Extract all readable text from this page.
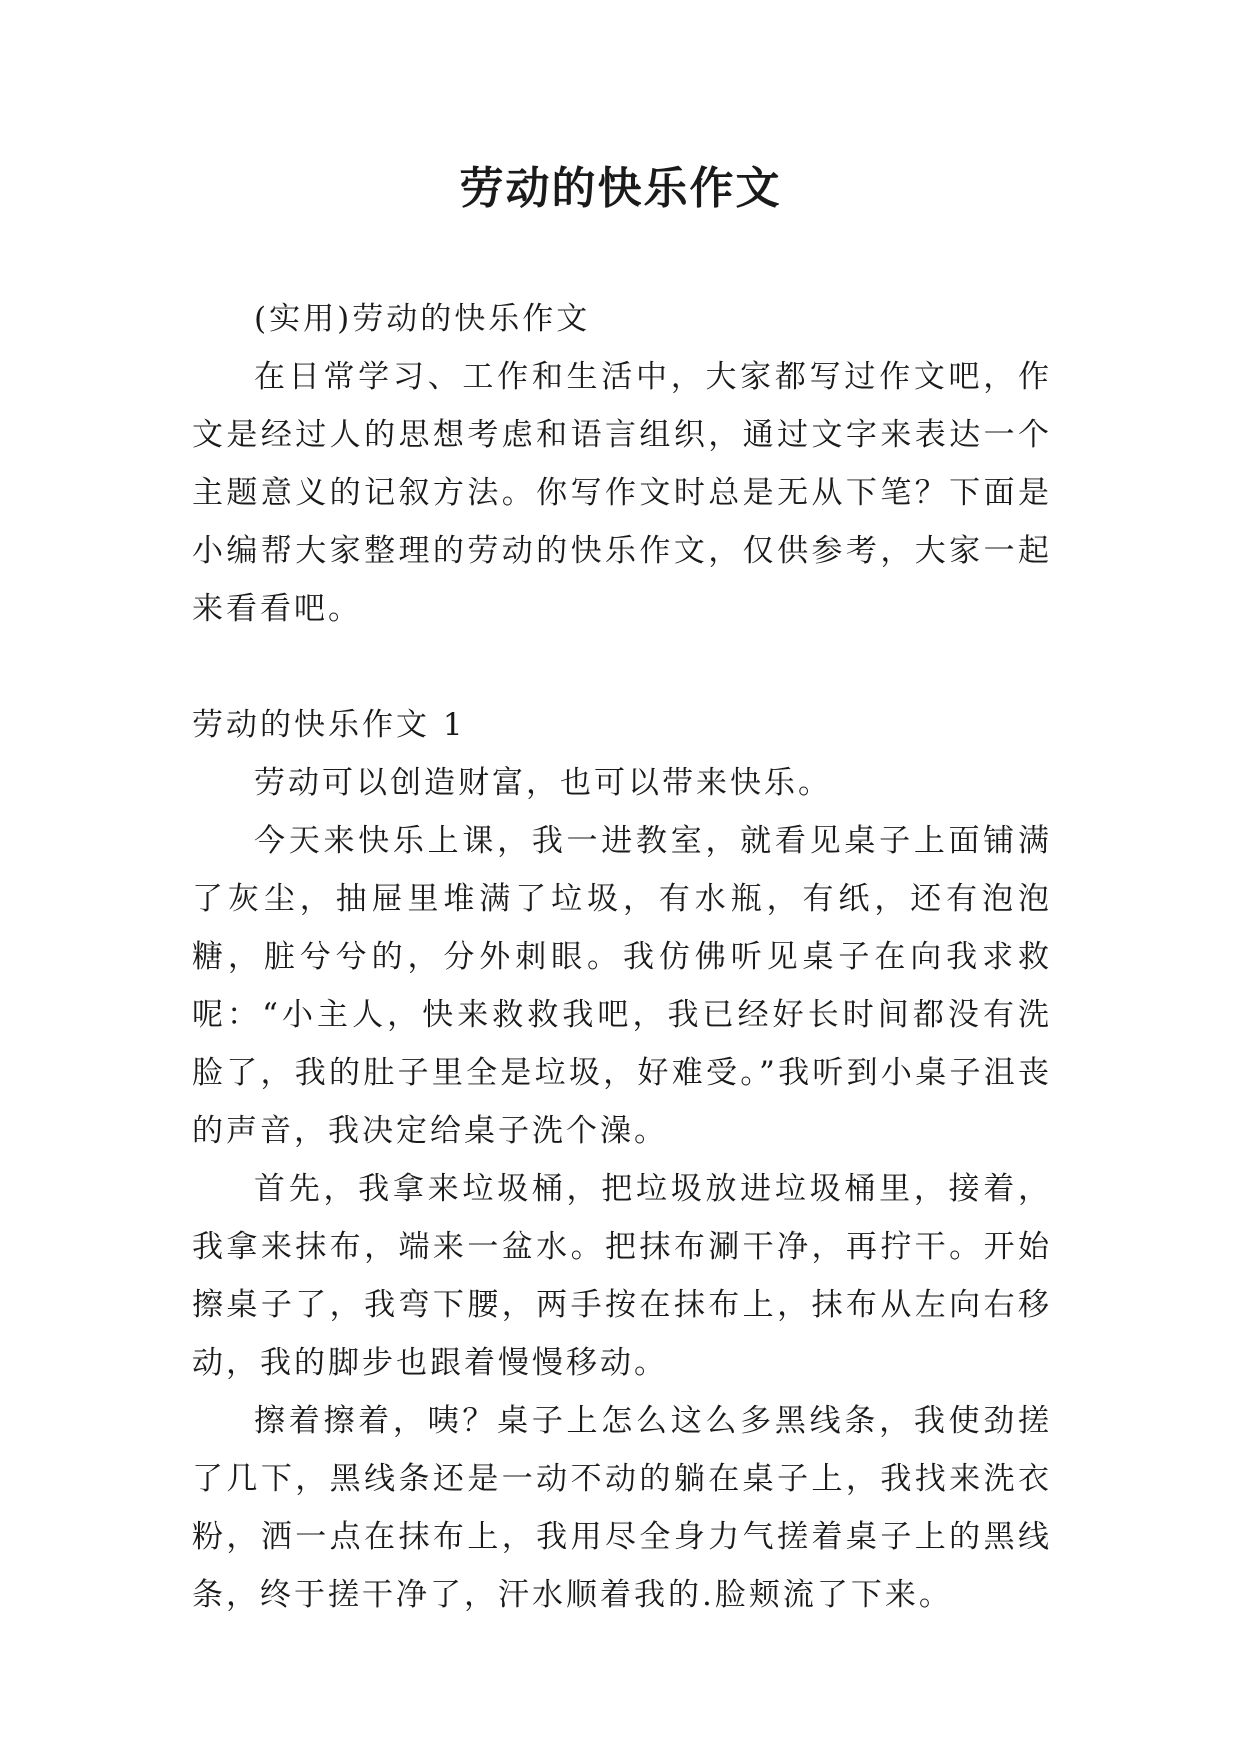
劳动的快乐作文

(实用)劳动的快乐作文

在日常学习、工作和生活中，大家都写过作文吧，作文是经过人的思想考虑和语言组织，通过文字来表达一个主题意义的记叙方法。你写作文时总是无从下笔？下面是小编帮大家整理的劳动的快乐作文，仅供参考，大家一起来看看吧。

劳动的快乐作文 1

劳动可以创造财富，也可以带来快乐。

今天来快乐上课，我一进教室，就看见桌子上面铺满了灰尘，抽屉里堆满了垃圾，有水瓶，有纸，还有泡泡糖，脏兮兮的，分外刺眼。我仿佛听见桌子在向我求救呢：“小主人，快来救救我吧，我已经好长时间都没有洗脸了，我的肚子里全是垃圾，好难受。”我听到小桌子沮丧的声音，我决定给桌子洗个澡。

首先，我拿来垃圾桶，把垃圾放进垃圾桶里，接着，我拿来抹布，端来一盆水。把抹布涮干净，再拧干。开始擦桌子了，我弯下腰，两手按在抹布上，抹布从左向右移动，我的脚步也跟着慢慢移动。

擦着擦着，咦？桌子上怎么这么多黑线条，我使劲搓了几下，黑线条还是一动不动的躺在桌子上，我找来洗衣粉，洒一点在抹布上，我用尽全身力气搓着桌子上的黑线条，终于搓干净了，汗水顺着我的.脸颊流了下来。
